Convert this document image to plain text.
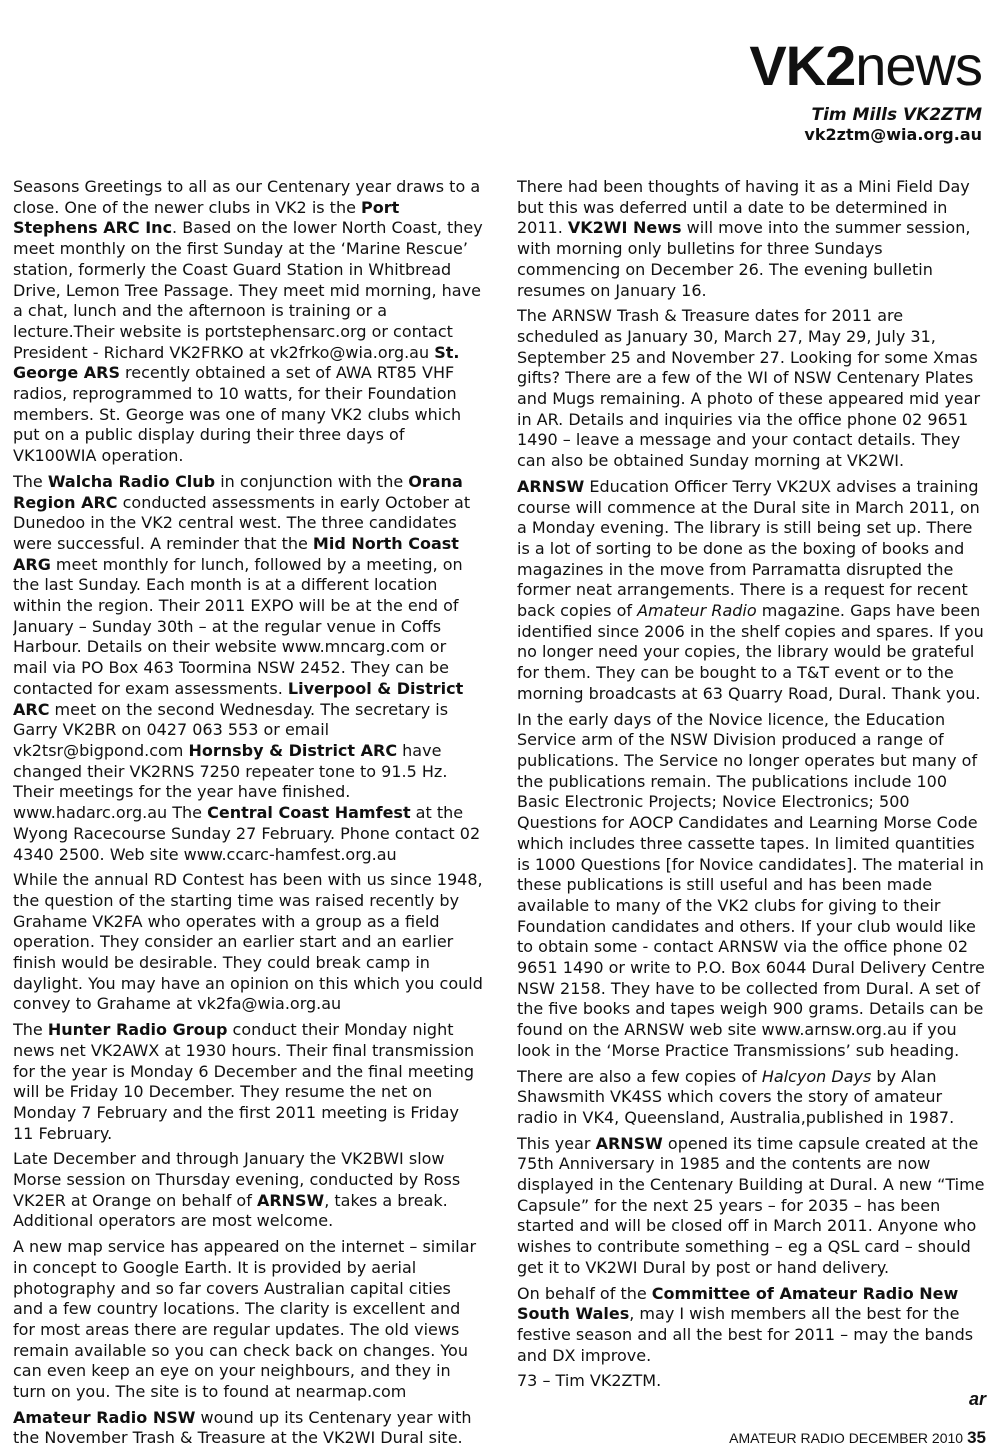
VK2news
Tim Mills VK2ZTM
vk2ztm@wia.org.au

Seasons Greetings to all as our Centenary year draws to a close. One of the newer clubs in VK2 is the Port Stephens ARC Inc. Based on the lower North Coast, they meet monthly on the first Sunday at the ‘Marine Rescue’ station, formerly the Coast Guard Station in Whitbread Drive, Lemon Tree Passage. They meet mid morning, have a chat, lunch and the afternoon is training or a lecture.Their website is portstephensarc.org or contact President - Richard VK2FRKO at vk2frko@wia.org.au St. George ARS recently obtained a set of AWA RT85 VHF radios, reprogrammed to 10 watts, for their Foundation members. St. George was one of many VK2 clubs which put on a public display during their three days of VK100WIA operation.

The Walcha Radio Club in conjunction with the Orana Region ARC conducted assessments in early October at Dunedoo in the VK2 central west. The three candidates were successful. A reminder that the Mid North Coast ARG meet monthly for lunch, followed by a meeting, on the last Sunday. Each month is at a different location within the region. Their 2011 EXPO will be at the end of January – Sunday 30th – at the regular venue in Coffs Harbour. Details on their website www.mncarg.com or mail via PO Box 463 Toormina NSW 2452. They can be contacted for exam assessments. Liverpool & District ARC meet on the second Wednesday. The secretary is Garry VK2BR on 0427 063 553 or email vk2tsr@bigpond.com Hornsby & District ARC have changed their VK2RNS 7250 repeater tone to 91.5 Hz. Their meetings for the year have finished. www.hadarc.org.au The Central Coast Hamfest at the Wyong Racecourse Sunday 27 February. Phone contact 02 4340 2500. Web site www.ccarc-hamfest.org.au

While the annual RD Contest has been with us since 1948, the question of the starting time was raised recently by Grahame VK2FA who operates with a group as a field operation. They consider an earlier start and an earlier finish would be desirable. They could break camp in daylight. You may have an opinion on this which you could convey to Grahame at vk2fa@wia.org.au

The Hunter Radio Group conduct their Monday night news net VK2AWX at 1930 hours. Their final transmission for the year is Monday 6 December and the final meeting will be Friday 10 December. They resume the net on Monday 7 February and the first 2011 meeting is Friday 11 February.

Late December and through January the VK2BWI slow Morse session on Thursday evening, conducted by Ross VK2ER at Orange on behalf of ARNSW, takes a break. Additional operators are most welcome.

A new map service has appeared on the internet – similar in concept to Google Earth. It is provided by aerial photography and so far covers Australian capital cities and a few country locations. The clarity is excellent and for most areas there are regular updates. The old views remain available so you can check back on changes. You can even keep an eye on your neighbours, and they in turn on you. The site is to found at nearmap.com

Amateur Radio NSW wound up its Centenary year with the November Trash & Treasure at the VK2WI Dural site.

There had been thoughts of having it as a Mini Field Day but this was deferred until a date to be determined in 2011. VK2WI News will move into the summer session, with morning only bulletins for three Sundays commencing on December 26. The evening bulletin resumes on January 16.

The ARNSW Trash & Treasure dates for 2011 are scheduled as January 30, March 27, May 29, July 31, September 25 and November 27. Looking for some Xmas gifts? There are a few of the WI of NSW Centenary Plates and Mugs remaining. A photo of these appeared mid year in AR. Details and inquiries via the office phone 02 9651 1490 – leave a message and your contact details. They can also be obtained Sunday morning at VK2WI.

ARNSW Education Officer Terry VK2UX advises a training course will commence at the Dural site in March 2011, on a Monday evening. The library is still being set up. There is a lot of sorting to be done as the boxing of books and magazines in the move from Parramatta disrupted the former neat arrangements. There is a request for recent back copies of Amateur Radio magazine. Gaps have been identified since 2006 in the shelf copies and spares. If you no longer need your copies, the library would be grateful for them. They can be bought to a T&T event or to the morning broadcasts at 63 Quarry Road, Dural. Thank you.

In the early days of the Novice licence, the Education Service arm of the NSW Division produced a range of publications. The Service no longer operates but many of the publications remain. The publications include 100 Basic Electronic Projects; Novice Electronics; 500 Questions for AOCP Candidates and Learning Morse Code which includes three cassette tapes. In limited quantities is 1000 Questions [for Novice candidates]. The material in these publications is still useful and has been made available to many of the VK2 clubs for giving to their Foundation candidates and others. If your club would like to obtain some - contact ARNSW via the office phone 02 9651 1490 or write to P.O. Box 6044 Dural Delivery Centre NSW 2158. They have to be collected from Dural. A set of the five books and tapes weigh 900 grams. Details can be found on the ARNSW web site www.arnsw.org.au if you look in the ‘Morse Practice Transmissions’ sub heading.

There are also a few copies of Halcyon Days by Alan Shawsmith VK4SS which covers the story of amateur radio in VK4, Queensland, Australia,published in 1987.

This year ARNSW opened its time capsule created at the 75th Anniversary in 1985 and the contents are now displayed in the Centenary Building at Dural. A new “Time Capsule” for the next 25 years – for 2035 – has been started and will be closed off in March 2011. Anyone who wishes to contribute something – eg a QSL card – should get it to VK2WI Dural by post or hand delivery.

On behalf of the Committee of Amateur Radio New South Wales, may I wish members all the best for the festive season and all the best for 2011 – may the bands and DX improve.

73 – Tim VK2ZTM.

ar
AMATEUR RADIO DECEMBER 2010 35
